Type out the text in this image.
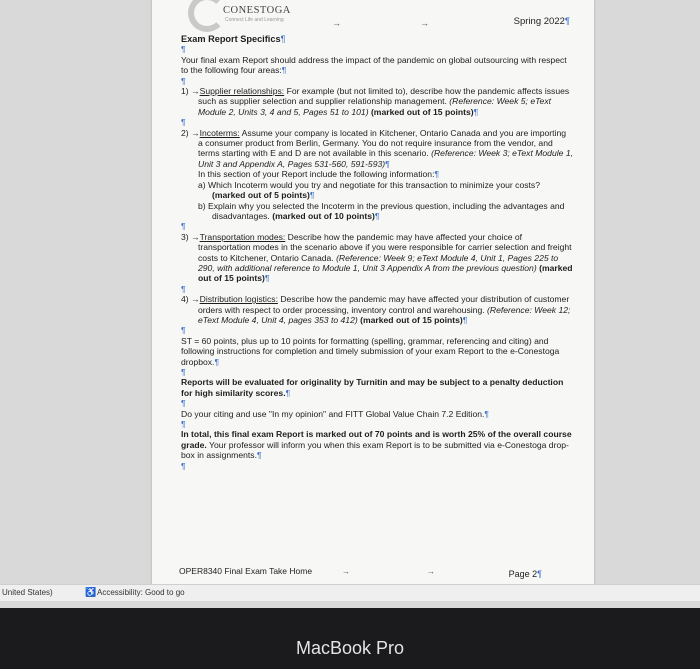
CONESTOGA
Connect Life and Learning	→	→	Spring 2022¶

Exam Report Specifics¶

¶

Your final exam Report should address the impact of the pandemic on global outsourcing with respect to the following four areas:¶

¶

1) →Supplier relationships: For example (but not limited to), describe how the pandemic affects issues such as supplier selection and supplier relationship management. (Reference: Week 5; eText Module 2, Units 3, 4 and 5, Pages 51 to 101) (marked out of 15 points)¶

¶

2) →Incoterms: Assume your company is located in Kitchener, Ontario Canada and you are importing a consumer product from Berlin, Germany. You do not require insurance from the vendor, and terms starting with E and D are not available in this scenario. (Reference: Week 3; eText Module 1, Unit 3 and Appendix A, Pages 531-560, 591-593)¶

In this section of your Report include the following information:¶

a) Which Incoterm would you try and negotiate for this transaction to minimize your costs? (marked out of 5 points)¶

b) Explain why you selected the Incoterm in the previous question, including the advantages and disadvantages. (marked out of 10 points)¶

¶

3) →Transportation modes: Describe how the pandemic may have affected your choice of transportation modes in the scenario above if you were responsible for carrier selection and freight costs to Kitchener, Ontario Canada. (Reference: Week 9; eText Module 4, Unit 1, Pages 225 to 290, with additional reference to Module 1, Unit 3 Appendix A from the previous question) (marked out of 15 points)¶

¶

4) →Distribution logistics: Describe how the pandemic may have affected your distribution of customer orders with respect to order processing, inventory control and warehousing. (Reference: Week 12; eText Module 4, Unit 4, pages 353 to 412) (marked out of 15 points)¶

¶

ST = 60 points, plus up to 10 points for formatting (spelling, grammar, referencing and citing) and following instructions for completion and timely submission of your exam Report to the e-Conestoga dropbox.¶

¶

Reports will be evaluated for originality by Turnitin and may be subject to a penalty deduction for high similarity scores.¶

¶

Do your citing and use "In my opinion" and FITT Global Value Chain 7.2 Edition.¶

¶

In total, this final exam Report is marked out of 70 points and is worth 25% of the overall course grade. Your professor will inform you when this exam Report is to be submitted via e-Conestoga drop-box in assignments.¶

¶

OPER8340 Final Exam Take Home	→	→	Page 2¶
United States)	♿ Accessibility: Good to go
MacBook Pro
